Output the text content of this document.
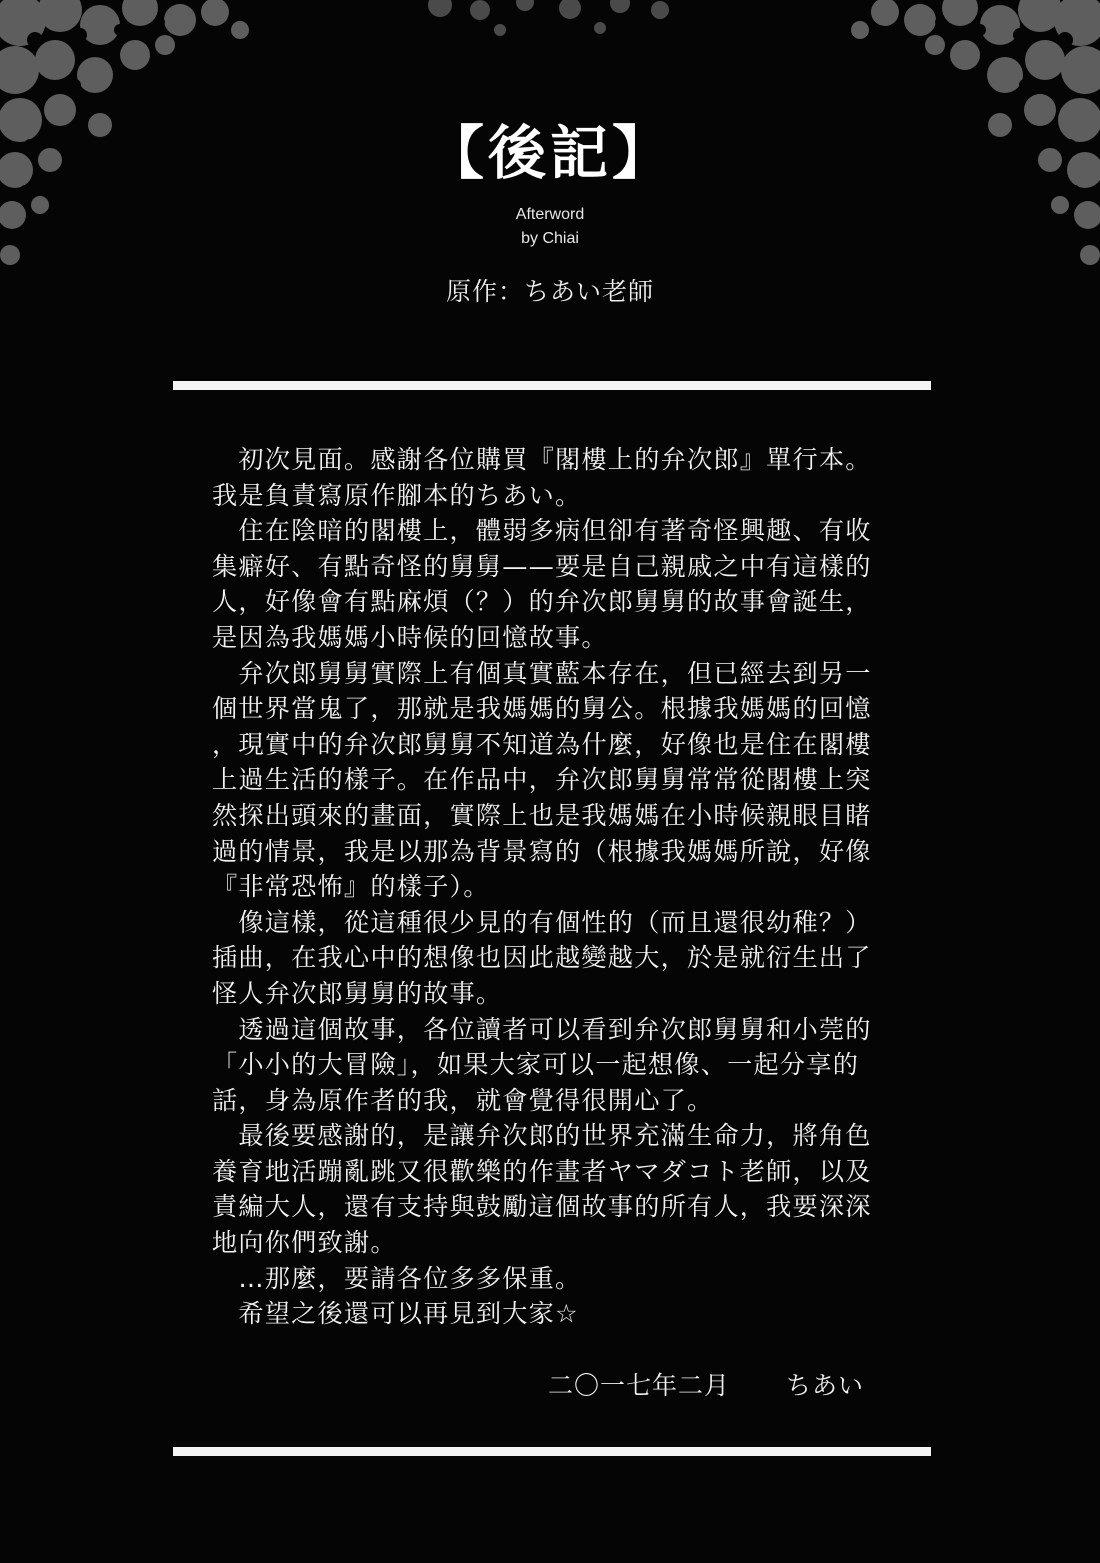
【後記】
Afterword
by Chiai
原作：ちあい老師

　初次見面。感謝各位購買『閣樓上的弁次郎』單行本。
我是負責寫原作腳本的ちあい。

　住在陰暗的閣樓上，體弱多病但卻有著奇怪興趣、有收
集癖好、有點奇怪的舅舅——要是自己親戚之中有這樣的
人，好像會有點麻煩（？）的弁次郎舅舅的故事會誕生，
是因為我媽媽小時候的回憶故事。

　弁次郎舅舅實際上有個真實藍本存在，但已經去到另一
個世界當鬼了，那就是我媽媽的舅公。根據我媽媽的回憶
，現實中的弁次郎舅舅不知道為什麼，好像也是住在閣樓
上過生活的樣子。在作品中，弁次郎舅舅常常從閣樓上突
然探出頭來的畫面，實際上也是我媽媽在小時候親眼目睹
過的情景，我是以那為背景寫的（根據我媽媽所說，好像
『非常恐怖』的樣子）。

　像這樣，從這種很少見的有個性的（而且還很幼稚？）
插曲，在我心中的想像也因此越變越大，於是就衍生出了
怪人弁次郎舅舅的故事。

　透過這個故事，各位讀者可以看到弁次郎舅舅和小莞的
「小小的大冒險」，如果大家可以一起想像、一起分享的
話，身為原作者的我，就會覺得很開心了。

　最後要感謝的，是讓弁次郎的世界充滿生命力，將角色
養育地活蹦亂跳又很歡樂的作畫者ヤマダコト老師，以及
責編大人，還有支持與鼓勵這個故事的所有人，我要深深
地向你們致謝。

　…那麼，要請各位多多保重。

　希望之後還可以再見到大家☆

二〇一七年二月 ちあい
